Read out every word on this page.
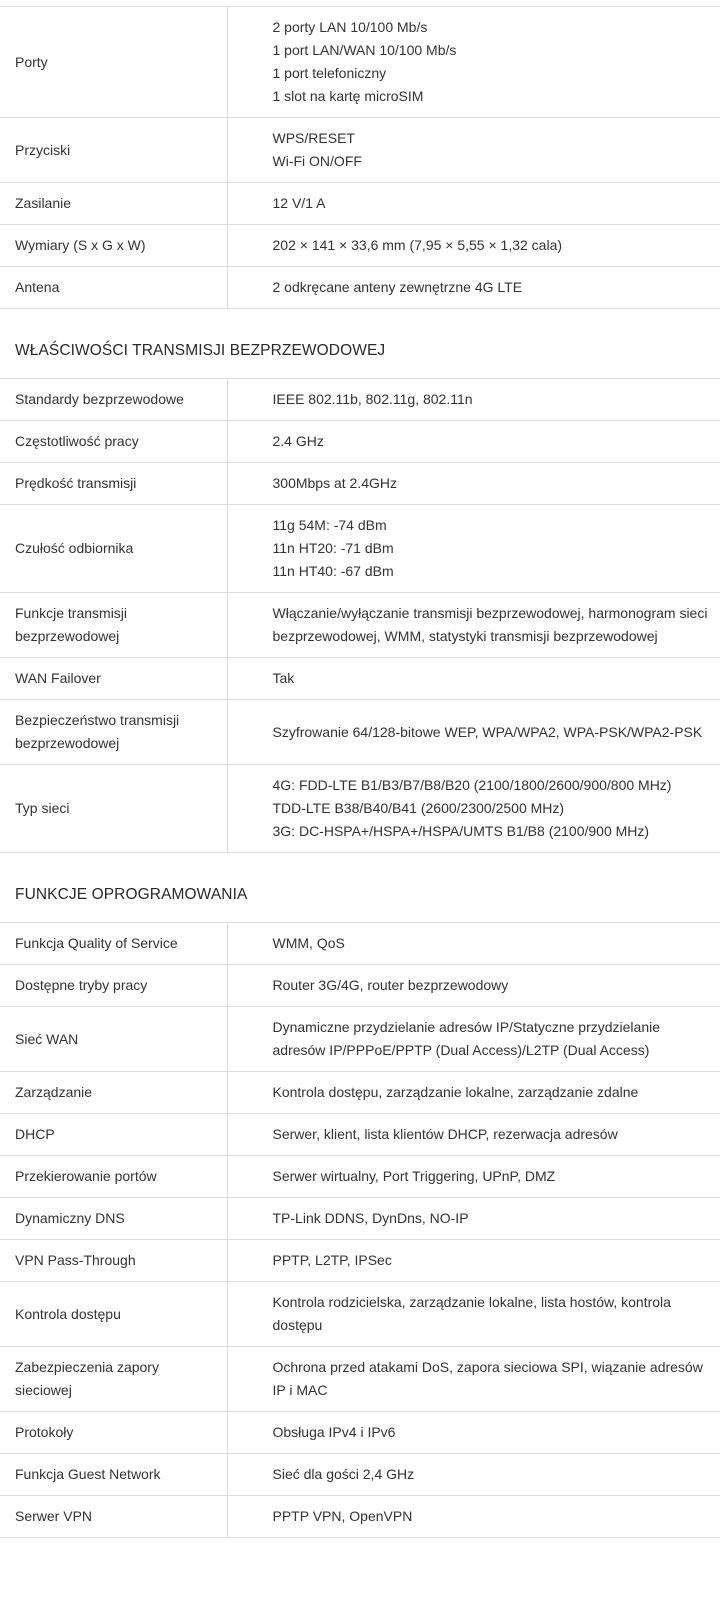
Porty	2 porty LAN 10/100 Mb/s
1 port LAN/WAN 10/100 Mb/s
1 port telefoniczny
1 slot na kartę microSIM

Przyciski	WPS/RESET
Wi-Fi ON/OFF

Zasilanie	12 V/1 A

Wymiary (S x G x W)	202 × 141 × 33,6 mm (7,95 × 5,55 × 1,32 cala)

Antena	2 odkręcane anteny zewnętrzne 4G LTE
WŁAŚCIWOŚCI TRANSMISJI BEZPRZEWODOWEJ
Standardy bezprzewodowe	IEEE 802.11b, 802.11g, 802.11n

Częstotliwość pracy	2.4 GHz

Prędkość transmisji	300Mbps at 2.4GHz

Czułość odbiornika	11g 54M: -74 dBm
11n HT20: -71 dBm
11n HT40: -67 dBm

Funkcje transmisji bezprzewodowej	Włączanie/wyłączanie transmisji bezprzewodowej, harmonogram sieci bezprzewodowej, WMM, statystyki transmisji bezprzewodowej

WAN Failover	Tak

Bezpieczeństwo transmisji bezprzewodowej	Szyfrowanie 64/128-bitowe WEP, WPA/WPA2, WPA-PSK/WPA2-PSK

Typ sieci	4G: FDD-LTE B1/B3/B7/B8/B20 (2100/1800/2600/900/800 MHz)
TDD-LTE B38/B40/B41 (2600/2300/2500 MHz)
3G: DC-HSPA+/HSPA+/HSPA/UMTS B1/B8 (2100/900 MHz)
FUNKCJE OPROGRAMOWANIA
Funkcja Quality of Service	WMM, QoS

Dostępne tryby pracy	Router 3G/4G, router bezprzewodowy

Sieć WAN	Dynamiczne przydzielanie adresów IP/Statyczne przydzielanie adresów IP/PPPoE/PPTP (Dual Access)/L2TP (Dual Access)

Zarządzanie	Kontrola dostępu, zarządzanie lokalne, zarządzanie zdalne

DHCP	Serwer, klient, lista klientów DHCP, rezerwacja adresów

Przekierowanie portów	Serwer wirtualny, Port Triggering, UPnP, DMZ

Dynamiczny DNS	TP-Link DDNS, DynDns, NO-IP

VPN Pass-Through	PPTP, L2TP, IPSec

Kontrola dostępu	Kontrola rodzicielska, zarządzanie lokalne, lista hostów, kontrola dostępu

Zabezpieczenia zapory sieciowej	Ochrona przed atakami DoS, zapora sieciowa SPI, wiązanie adresów IP i MAC

Protokoły	Obsługa IPv4 i IPv6

Funkcja Guest Network	Sieć dla gości 2,4 GHz

Serwer VPN	PPTP VPN, OpenVPN
